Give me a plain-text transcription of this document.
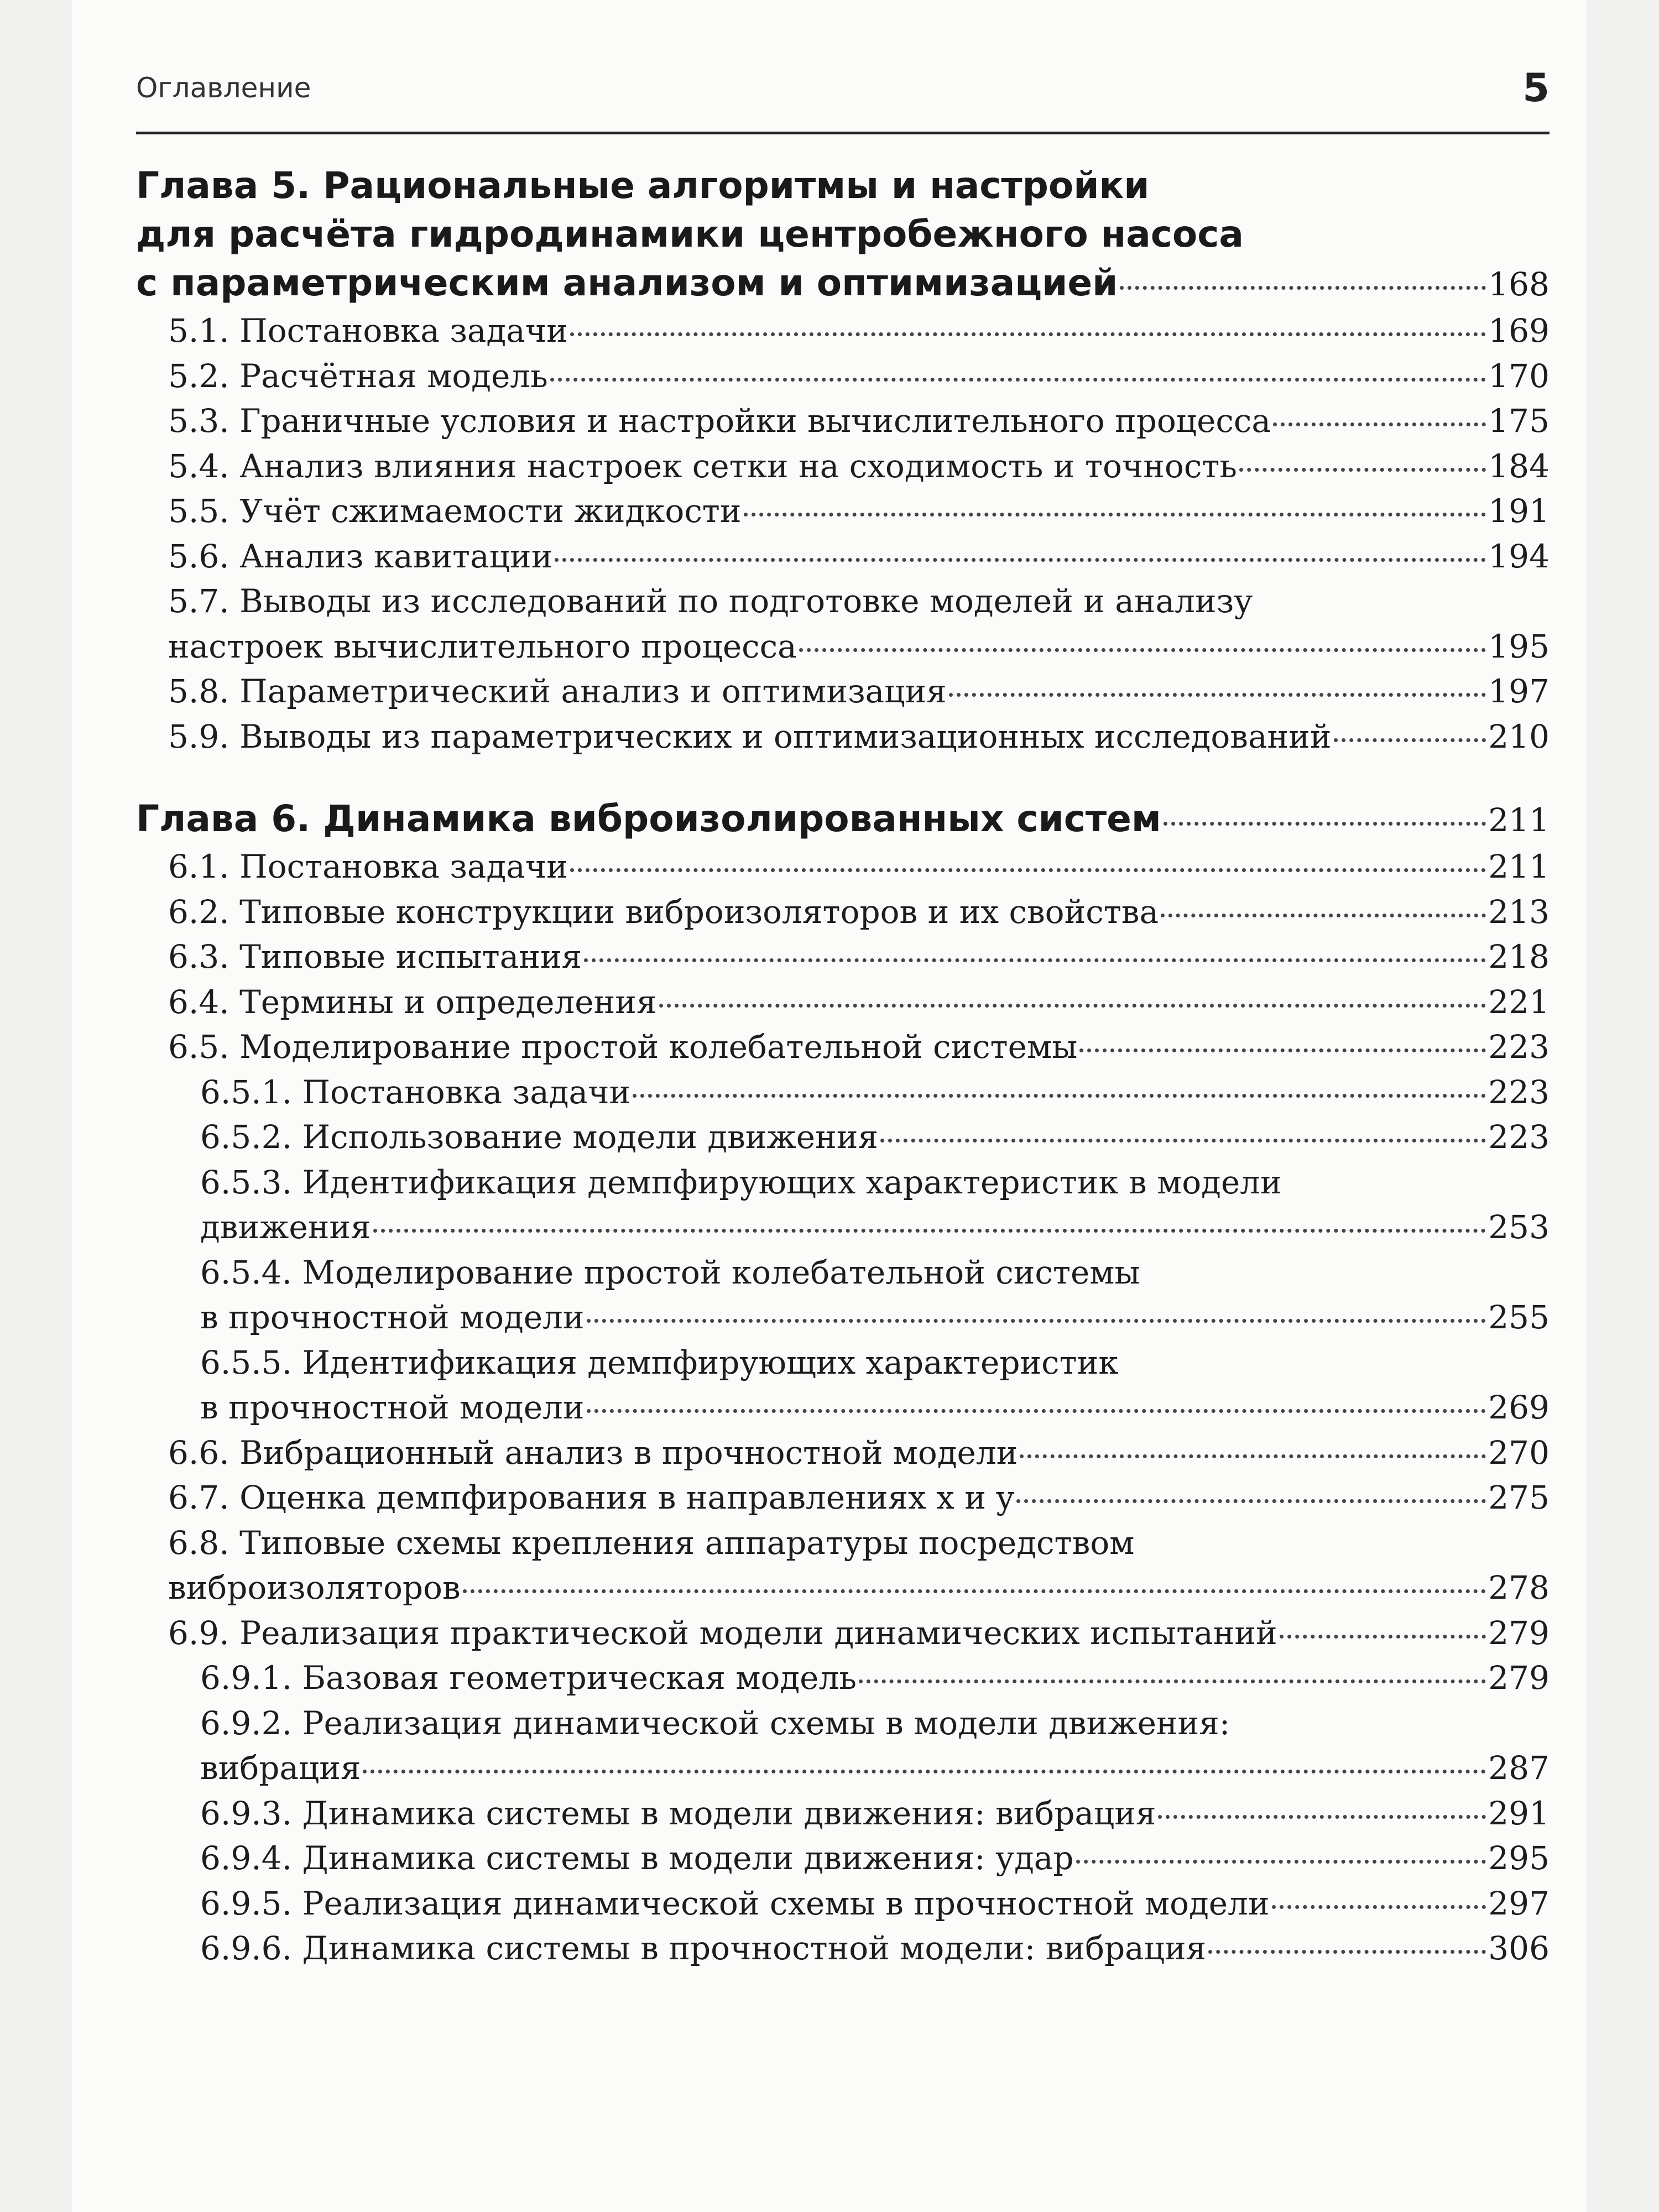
Оглавление	5
Глава 5. Рациональные алгоритмы и настройки
для расчёта гидродинамики центробежного насоса
с параметрическим анализом и оптимизацией	168
5.1. Постановка задачи	169
5.2. Расчётная модель	170
5.3. Граничные условия и настройки вычислительного процесса	175
5.4. Анализ влияния настроек сетки на сходимость и точность	184
5.5. Учёт сжимаемости жидкости	191
5.6. Анализ кавитации	194
5.7. Выводы из исследований по подготовке моделей и анализу
настроек вычислительного процесса	195
5.8. Параметрический анализ и оптимизация	197
5.9. Выводы из параметрических и оптимизационных исследований	210
Глава 6. Динамика виброизолированных систем	211
6.1. Постановка задачи	211
6.2. Типовые конструкции виброизоляторов и их свойства	213
6.3. Типовые испытания	218
6.4. Термины и определения	221
6.5. Моделирование простой колебательной системы	223
6.5.1. Постановка задачи	223
6.5.2. Использование модели движения	223
6.5.3. Идентификация демпфирующих характеристик в модели
движения	253
6.5.4. Моделирование простой колебательной системы
в прочностной модели	255
6.5.5. Идентификация демпфирующих характеристик
в прочностной модели	269
6.6. Вибрационный анализ в прочностной модели	270
6.7. Оценка демпфирования в направлениях x и y	275
6.8. Типовые схемы крепления аппаратуры посредством
виброизоляторов	278
6.9. Реализация практической модели динамических испытаний	279
6.9.1. Базовая геометрическая модель	279
6.9.2. Реализация динамической схемы в модели движения:
вибрация	287
6.9.3. Динамика системы в модели движения: вибрация	291
6.9.4. Динамика системы в модели движения: удар	295
6.9.5. Реализация динамической схемы в прочностной модели	297
6.9.6. Динамика системы в прочностной модели: вибрация	306
